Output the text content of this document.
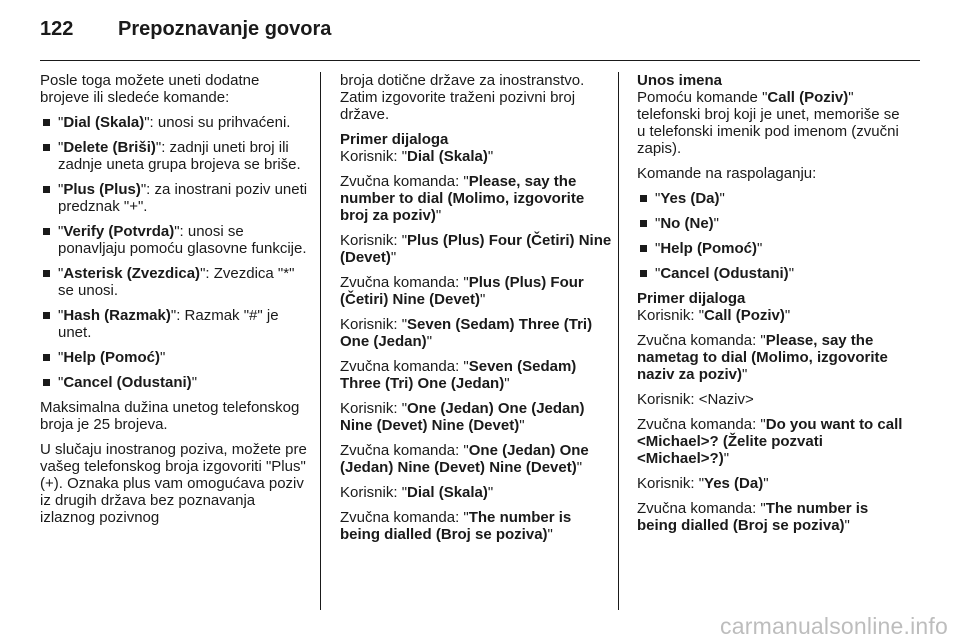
122 Prepoznavanje govora

Posle toga možete uneti dodatne brojeve ili sledeće komande:

"Dial (Skala)": unosi su prihvaćeni.
"Delete (Briši)": zadnji uneti broj ili zadnje uneta grupa brojeva se briše.
"Plus (Plus)": za inostrani poziv uneti predznak "+".
"Verify (Potvrda)": unosi se ponavljaju pomoću glasovne funkcije.
"Asterisk (Zvezdica)": Zvezdica "*" se unosi.
"Hash (Razmak)": Razmak "#" je unet.
"Help (Pomoć)"
"Cancel (Odustani)"

Maksimalna dužina unetog telefonskog broja je 25 brojeva.

U slučaju inostranog poziva, možete pre vašeg telefonskog broja izgovoriti "Plus" (+). Oznaka plus vam omogućava poziv iz drugih država bez poznavanja izlaznog pozivnog

broja dotične države za inostranstvo. Zatim izgovorite traženi pozivni broj države.

Primer dijaloga

Korisnik: "Dial (Skala)"

Zvučna komanda: "Please, say the number to dial (Molimo, izgovorite broj za poziv)"

Korisnik: "Plus (Plus) Four (Četiri) Nine (Devet)"

Zvučna komanda: "Plus (Plus) Four (Četiri) Nine (Devet)"

Korisnik: "Seven (Sedam) Three (Tri) One (Jedan)"

Zvučna komanda: "Seven (Sedam) Three (Tri) One (Jedan)"

Korisnik: "One (Jedan) One (Jedan) Nine (Devet) Nine (Devet)"

Zvučna komanda: "One (Jedan) One (Jedan) Nine (Devet) Nine (Devet)"

Korisnik: "Dial (Skala)"

Zvučna komanda: "The number is being dialled (Broj se poziva)"

Unos imena

Pomoću komande "Call (Poziv)" telefonski broj koji je unet, memoriše se u telefonski imenik pod imenom (zvučni zapis).

Komande na raspolaganju:

"Yes (Da)"
"No (Ne)"
"Help (Pomoć)"
"Cancel (Odustani)"
Primer dijaloga

Korisnik: "Call (Poziv)"

Zvučna komanda: "Please, say the nametag to dial (Molimo, izgovorite naziv za poziv)"

Korisnik: <Naziv>

Zvučna komanda: "Do you want to call <Michael>? (Želite pozvati <Michael>?)"

Korisnik: "Yes (Da)"

Zvučna komanda: "The number is being dialled (Broj se poziva)"

carmanualsonline.info
